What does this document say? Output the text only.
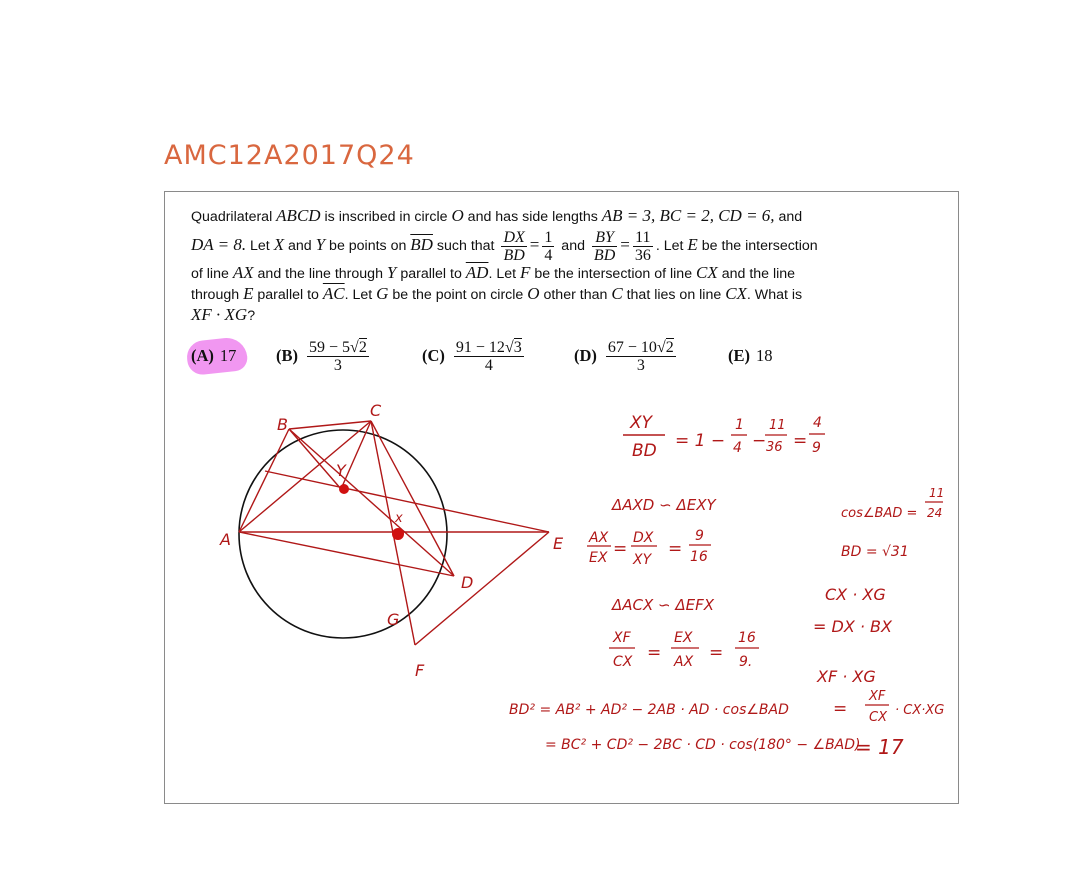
AMC12A2017Q24
Quadrilateral ABCD is inscribed in circle O and has side lengths AB = 3, BC = 2, CD = 6, and
DA = 8. Let X and Y be points on $\overline{BD}$ such that $\frac{DX}{BD} = \frac{1}{4}$ and $\frac{BY}{BD} = \frac{11}{36}$ . Let E be the intersection
of line AX and the line through Y parallel to $\overline{AD}$. Let F be the intersection of line CX and the line
through E parallel to $\overline{AC}$. Let G be the point on circle O other than C that lies on line CX. What is
XF · XG?
(A) 17 $(B) \frac{59 - 5√2}{3}$	$(C) \frac{91 - 12√3}{4}$	$(D) \frac{67 - 10√2}{3}$	(E) 18
A
B
C
D
E
F
G
x
Y
XY
BD = 1 −
1
4 −
11
36 =
4
9
ΔAXD ∽ ΔEXY
AX
EX =
DX
XY
=
9
16
ΔACX ∽ ΔEFX
XF
CX =
EX
AX =
16
9.
cos∠BAD =
11
24
BD = √31
CX · XG
= DX · BX
XF · XG
BD² = AB² + AD² − 2AB · AD · cos∠BAD	=
XF
CX · CX·XG
= BC² + CD² − 2BC · CD · cos(180° − ∠BAD)
= 17
